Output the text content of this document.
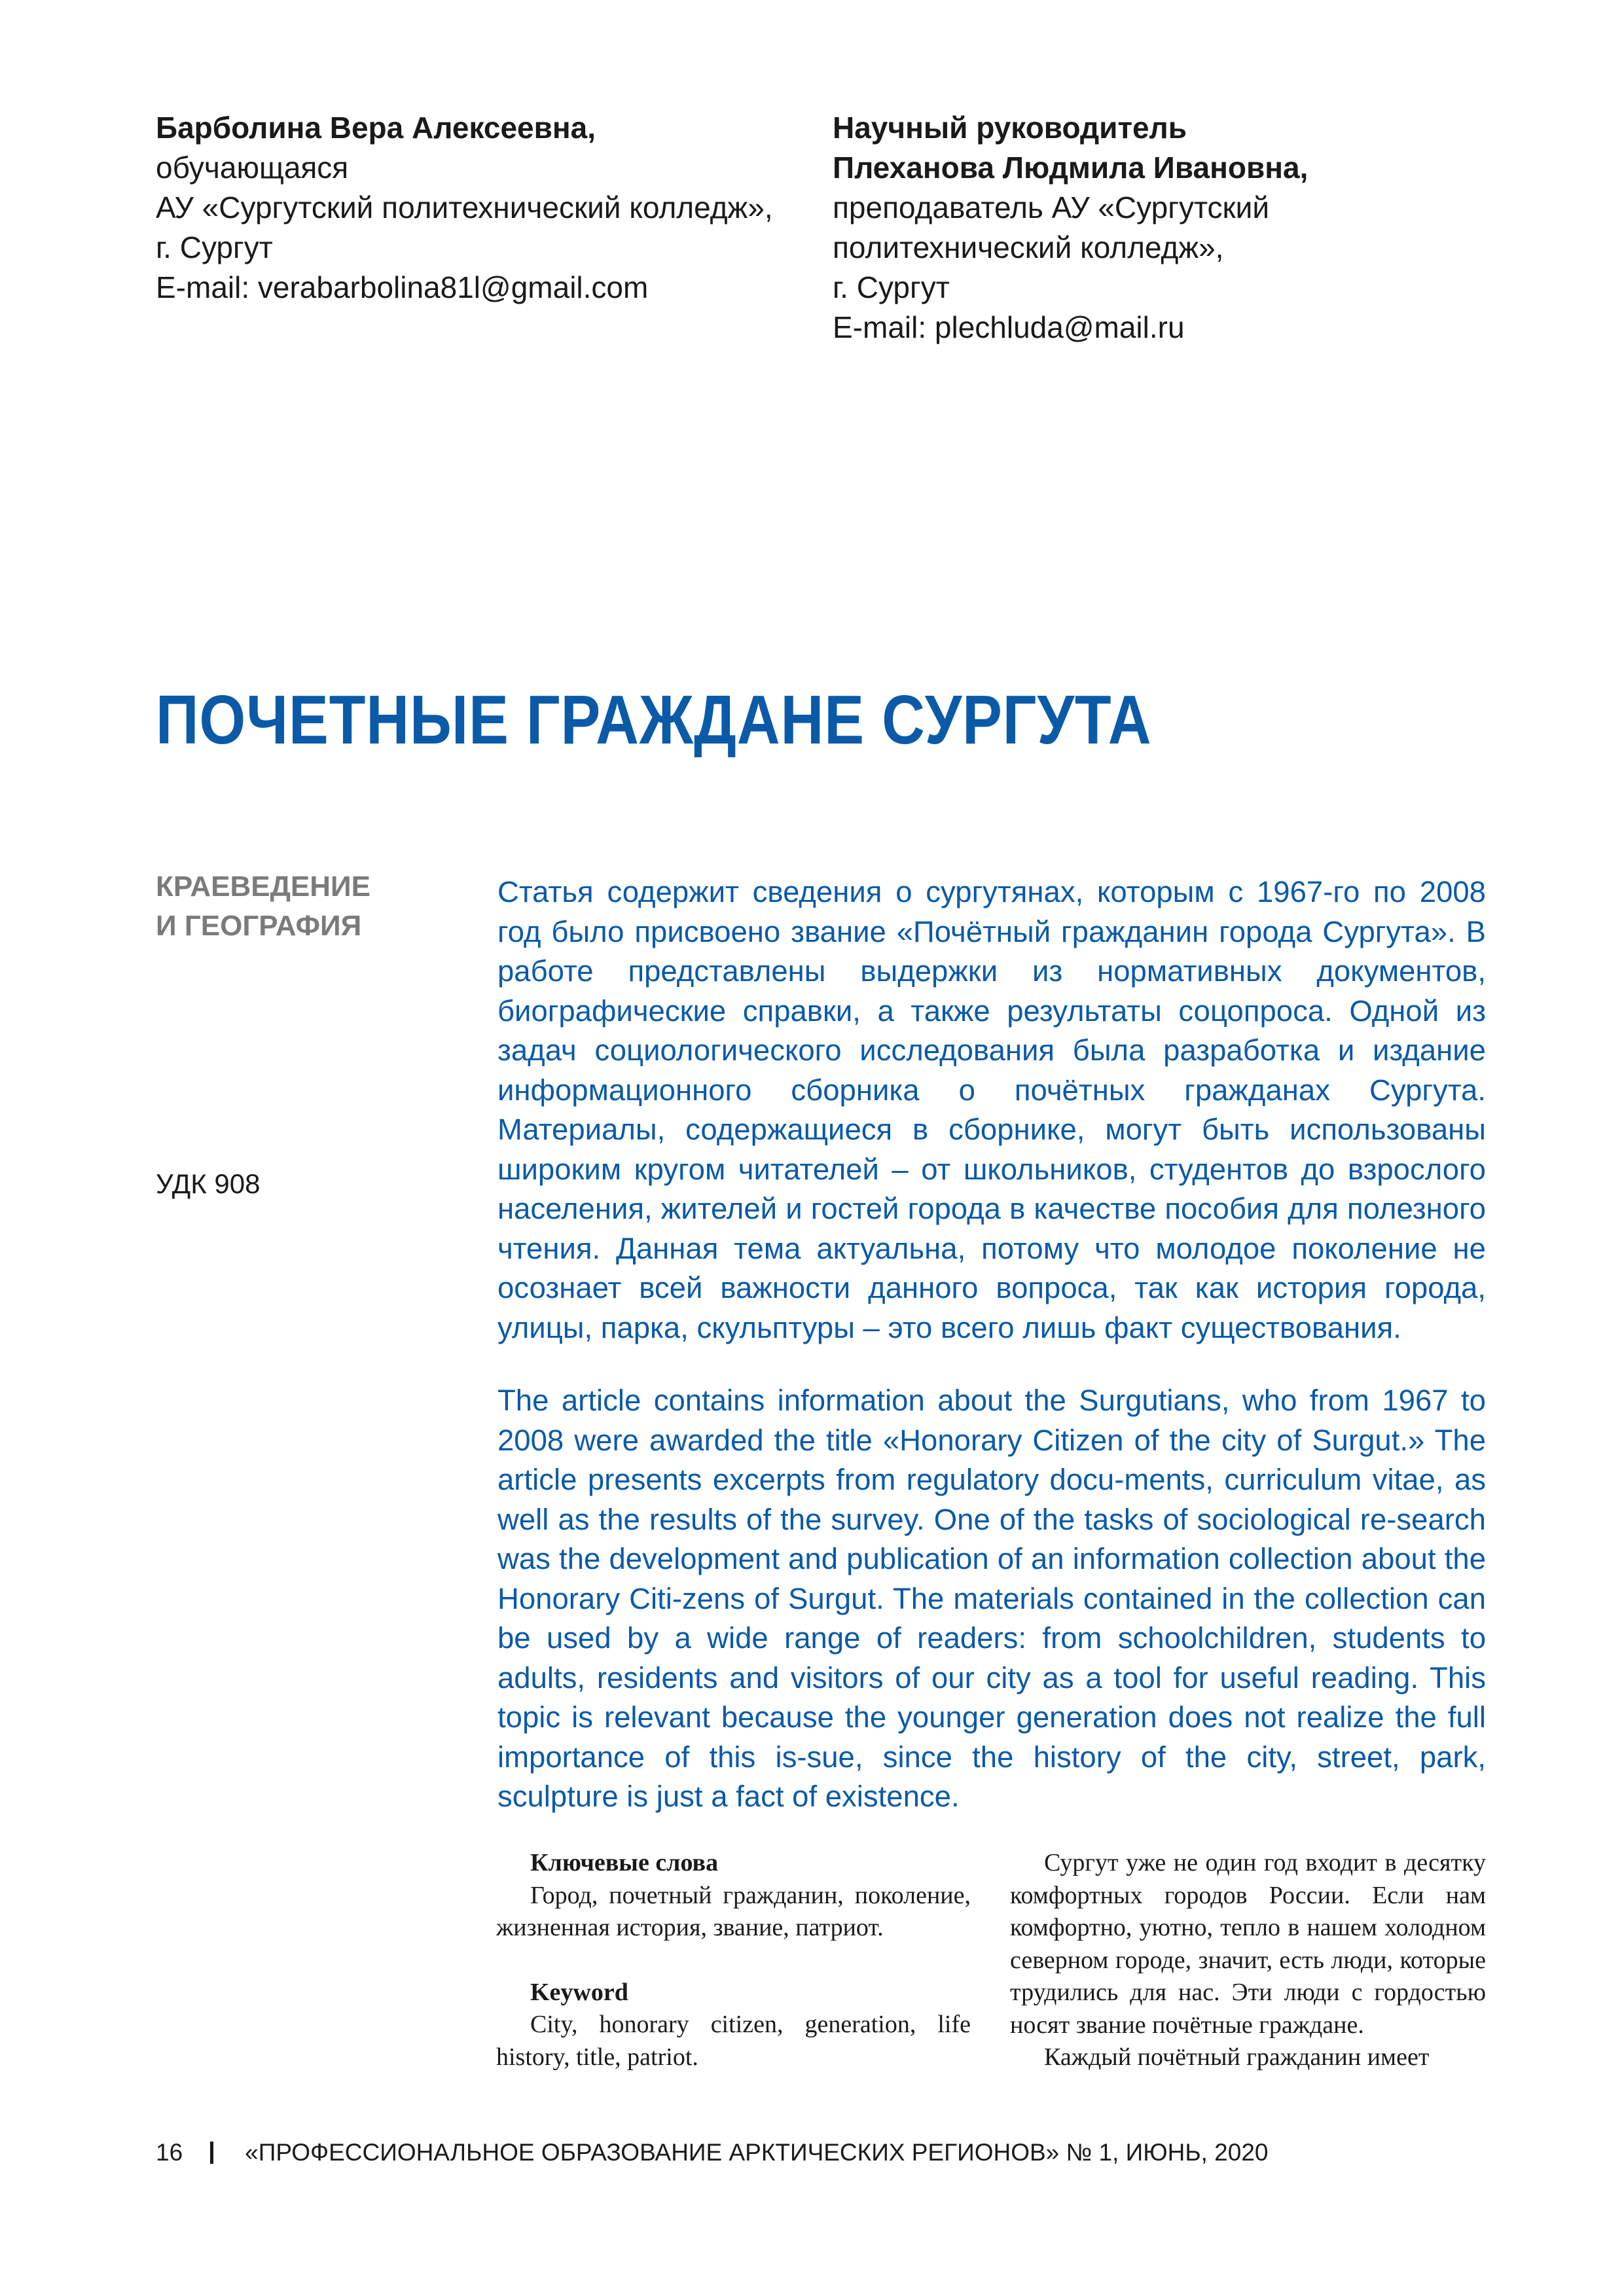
Барболина Вера Алексеевна,
обучающаяся
АУ «Сургутский политехнический колледж»,
г. Сургут
E-mail: verabarbolina81l@gmail.com
Научный руководитель
Плеханова Людмила Ивановна,
преподаватель АУ «Сургутский
политехнический колледж»,
г. Сургут
E-mail: plechluda@mail.ru
ПОЧЕТНЫЕ ГРАЖДАНЕ СУРГУТА
КРАЕВЕДЕНИЕ
И ГЕОГРАФИЯ
УДК 908
Статья содержит сведения о сургутянах, которым с 1967-го по 2008 год было присвоено звание «Почётный гражданин города Сургута». В работе представлены выдержки из нормативных документов, биографические справки, а также результаты соцопроса. Одной из задач социологического исследования была разработка и издание информационного сборника о почётных гражданах Сургута. Материалы, содержащиеся в сборнике, могут быть использованы широким кругом читателей – от школьников, студентов до взрослого населения, жителей и гостей города в качестве пособия для полезного чтения. Данная тема актуальна, потому что молодое поколение не осознает всей важности данного вопроса, так как история города, улицы, парка, скульптуры – это всего лишь факт существования.
The article contains information about the Surgutians, who from 1967 to 2008 were awarded the title «Honorary Citizen of the city of Surgut.» The article presents excerpts from regulatory docu-ments, curriculum vitae, as well as the results of the survey. One of the tasks of sociological re-search was the development and publication of an information collection about the Honorary Citi-zens of Surgut. The materials contained in the collection can be used by a wide range of readers: from schoolchildren, students to adults, residents and visitors of our city as a tool for useful reading. This topic is relevant because the younger generation does not realize the full importance of this is-sue, since the history of the city, street, park, sculpture is just a fact of existence.
Ключевые слова

Город, почетный гражданин, поколение, жизненная история, звание, патриот.

Keyword

City, honorary citizen, generation, life history, title, patriot.

Сургут уже не один год входит в десятку комфортных городов России. Если нам комфортно, уютно, тепло в нашем холодном северном городе, значит, есть люди, которые трудились для нас. Эти люди с гордостью носят звание почётные граждане.

Каждый почётный гражданин имеет

16	«ПРОФЕССИОНАЛЬНОЕ ОБРАЗОВАНИЕ АРКТИЧЕСКИХ РЕГИОНОВ» № 1, ИЮНЬ, 2020
